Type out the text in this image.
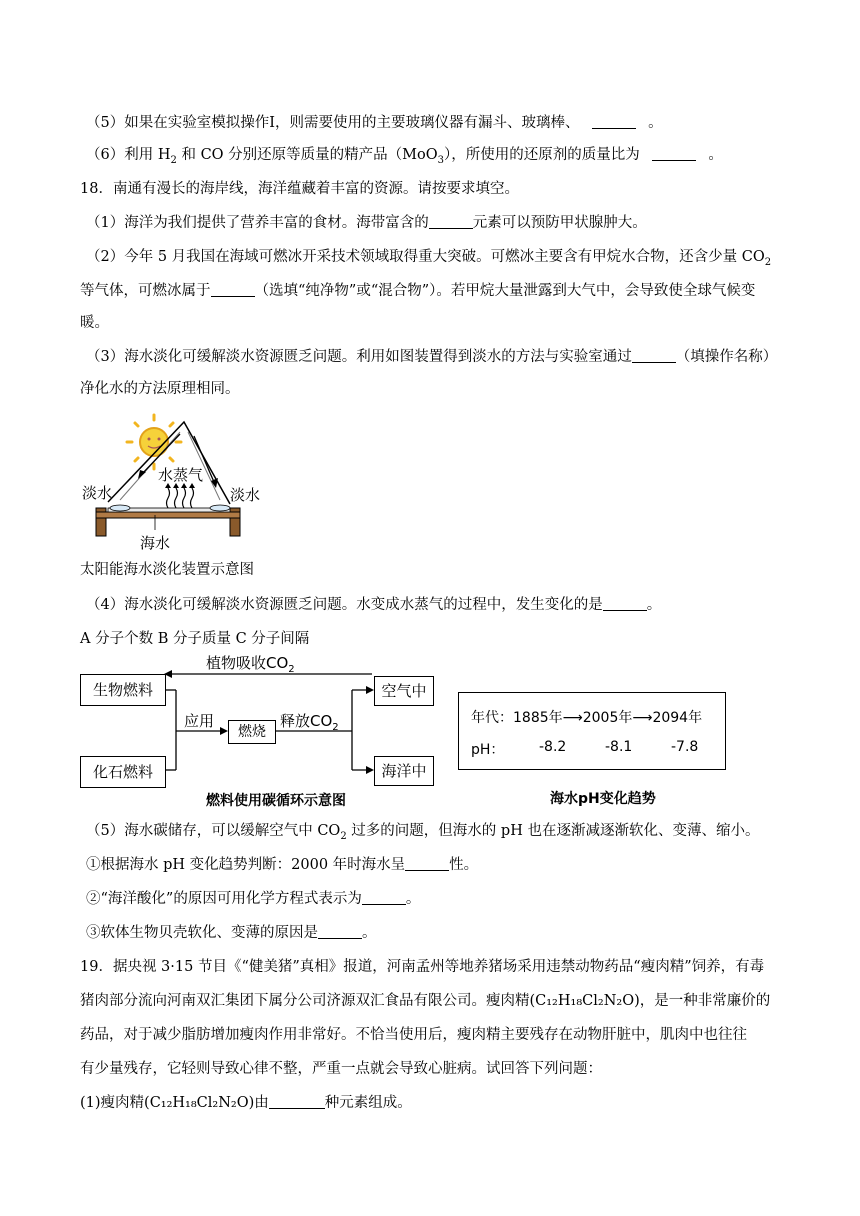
（5）如果在实验室模拟操作I，则需要使用的主要玻璃仪器有漏斗、玻璃棒、	。
（6）利用 $H_2$ 和 CO 分别还原等质量的精产品（MoO$_3$），所使用的还原剂的质量比为	。
18．南通有漫长的海岸线，海洋蕴藏着丰富的资源。请按要求填空。
（1）海洋为我们提供了营养丰富的食材。海带富含的	元素可以预防甲状腺肿大。
（2）今年 5 月我国在海域可燃冰开采技术领域取得重大突破。可燃冰主要含有甲烷水合物，还含少量 $CO_2$
等气体，可燃冰属于	（选填“纯净物”或“混合物”）。若甲烷大量泄露到大气中，会导致使全球气候变
暖。
（3）海水淡化可缓解淡水资源匮乏问题。利用如图装置得到淡水的方法与实验室通过	（填操作名称）
净化水的方法原理相同。
淡水	淡水
水蒸气
海水
太阳能海水淡化装置示意图
（4）海水淡化可缓解淡水资源匮乏问题。水变成水蒸气的过程中，发生变化的是	。
A 分子个数 B 分子质量 C 分子间隔
生物燃料
化石燃料
燃烧
空气中
海洋中
植物吸收$CO_2$
应用	释放$CO_2$
燃料使用碳循环示意图
年代：1885年⟶2005年⟶2094年
pH： -8.2	-8.1	-7.8
海水pH变化趋势
（5）海水碳储存，可以缓解空气中 $CO_2$ 过多的问题，但海水的 pH 也在逐渐减逐渐软化、变薄、缩小。
①根据海水 pH 变化趋势判断：2000 年时海水呈	性。
②“海洋酸化”的原因可用化学方程式表示为	。
③软体生物贝壳软化、变薄的原因是	。
19．据央视 3·15 节目《“健美猪”真相》报道，河南孟州等地养猪场采用违禁动物药品“瘦肉精”饲养，有毒
猪肉部分流向河南双汇集团下属分公司济源双汇食品有限公司。瘦肉精(C₁₂H₁₈Cl₂N₂O)，是一种非常廉价的
药品，对于减少脂肪增加瘦肉作用非常好。不恰当使用后，瘦肉精主要残存在动物肝脏中，肌肉中也往往
有少量残存，它轻则导致心律不整，严重一点就会导致心脏病。试回答下列问题：
(1)瘦肉精(C₁₂H₁₈Cl₂N₂O)由	种元素组成。
